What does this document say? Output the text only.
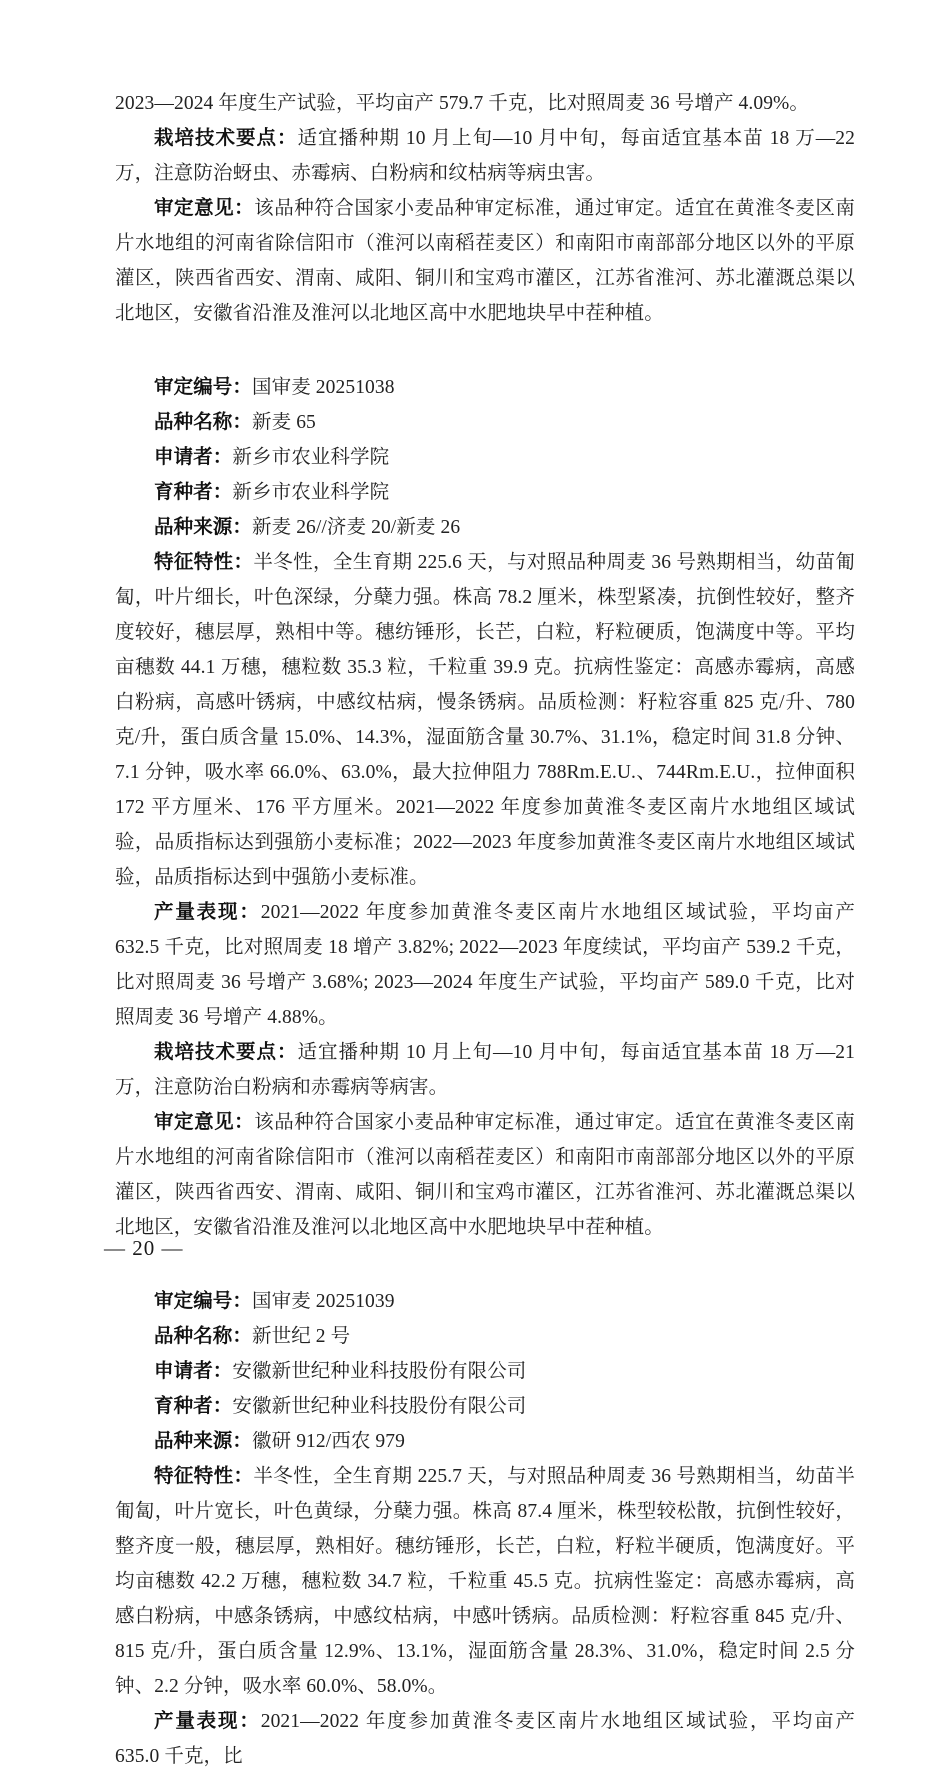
2023—2024 年度生产试验，平均亩产 579.7 千克，比对照周麦 36 号增产 4.09%。

栽培技术要点：适宜播种期 10 月上旬—10 月中旬，每亩适宜基本苗 18 万—22 万，注意防治蚜虫、赤霉病、白粉病和纹枯病等病虫害。

审定意见：该品种符合国家小麦品种审定标准，通过审定。适宜在黄淮冬麦区南片水地组的河南省除信阳市（淮河以南稻茬麦区）和南阳市南部部分地区以外的平原灌区，陕西省西安、渭南、咸阳、铜川和宝鸡市灌区，江苏省淮河、苏北灌溉总渠以北地区，安徽省沿淮及淮河以北地区高中水肥地块早中茬种植。

审定编号：国审麦 20251038

品种名称：新麦 65

申请者：新乡市农业科学院

育种者：新乡市农业科学院

品种来源：新麦 26//济麦 20/新麦 26

特征特性：半冬性，全生育期 225.6 天，与对照品种周麦 36 号熟期相当，幼苗匍匐，叶片细长，叶色深绿，分蘖力强。株高 78.2 厘米，株型紧凑，抗倒性较好，整齐度较好，穗层厚，熟相中等。穗纺锤形，长芒，白粒，籽粒硬质，饱满度中等。平均亩穗数 44.1 万穗，穗粒数 35.3 粒，千粒重 39.9 克。抗病性鉴定：高感赤霉病，高感白粉病，高感叶锈病，中感纹枯病，慢条锈病。品质检测：籽粒容重 825 克/升、780 克/升，蛋白质含量 15.0%、14.3%，湿面筋含量 30.7%、31.1%，稳定时间 31.8 分钟、7.1 分钟，吸水率 66.0%、63.0%，最大拉伸阻力 788Rm.E.U.、744Rm.E.U.，拉伸面积 172 平方厘米、176 平方厘米。2021—2022 年度参加黄淮冬麦区南片水地组区域试验，品质指标达到强筋小麦标准；2022—2023 年度参加黄淮冬麦区南片水地组区域试验，品质指标达到中强筋小麦标准。

产量表现：2021—2022 年度参加黄淮冬麦区南片水地组区域试验，平均亩产 632.5 千克，比对照周麦 18 增产 3.82%; 2022—2023 年度续试，平均亩产 539.2 千克，比对照周麦 36 号增产 3.68%; 2023—2024 年度生产试验，平均亩产 589.0 千克，比对照周麦 36 号增产 4.88%。

栽培技术要点：适宜播种期 10 月上旬—10 月中旬，每亩适宜基本苗 18 万—21 万，注意防治白粉病和赤霉病等病害。

审定意见：该品种符合国家小麦品种审定标准，通过审定。适宜在黄淮冬麦区南片水地组的河南省除信阳市（淮河以南稻茬麦区）和南阳市南部部分地区以外的平原灌区，陕西省西安、渭南、咸阳、铜川和宝鸡市灌区，江苏省淮河、苏北灌溉总渠以北地区，安徽省沿淮及淮河以北地区高中水肥地块早中茬种植。

审定编号：国审麦 20251039

品种名称：新世纪 2 号

申请者：安徽新世纪种业科技股份有限公司

育种者：安徽新世纪种业科技股份有限公司

品种来源：徽研 912/西农 979

特征特性：半冬性，全生育期 225.7 天，与对照品种周麦 36 号熟期相当，幼苗半匍匐，叶片宽长，叶色黄绿，分蘖力强。株高 87.4 厘米，株型较松散，抗倒性较好，整齐度一般，穗层厚，熟相好。穗纺锤形，长芒，白粒，籽粒半硬质，饱满度好。平均亩穗数 42.2 万穗，穗粒数 34.7 粒，千粒重 45.5 克。抗病性鉴定：高感赤霉病，高感白粉病，中感条锈病，中感纹枯病，中感叶锈病。品质检测：籽粒容重 845 克/升、815 克/升，蛋白质含量 12.9%、13.1%，湿面筋含量 28.3%、31.0%，稳定时间 2.5 分钟、2.2 分钟，吸水率 60.0%、58.0%。

产量表现：2021—2022 年度参加黄淮冬麦区南片水地组区域试验，平均亩产 635.0 千克，比

— 20 —
